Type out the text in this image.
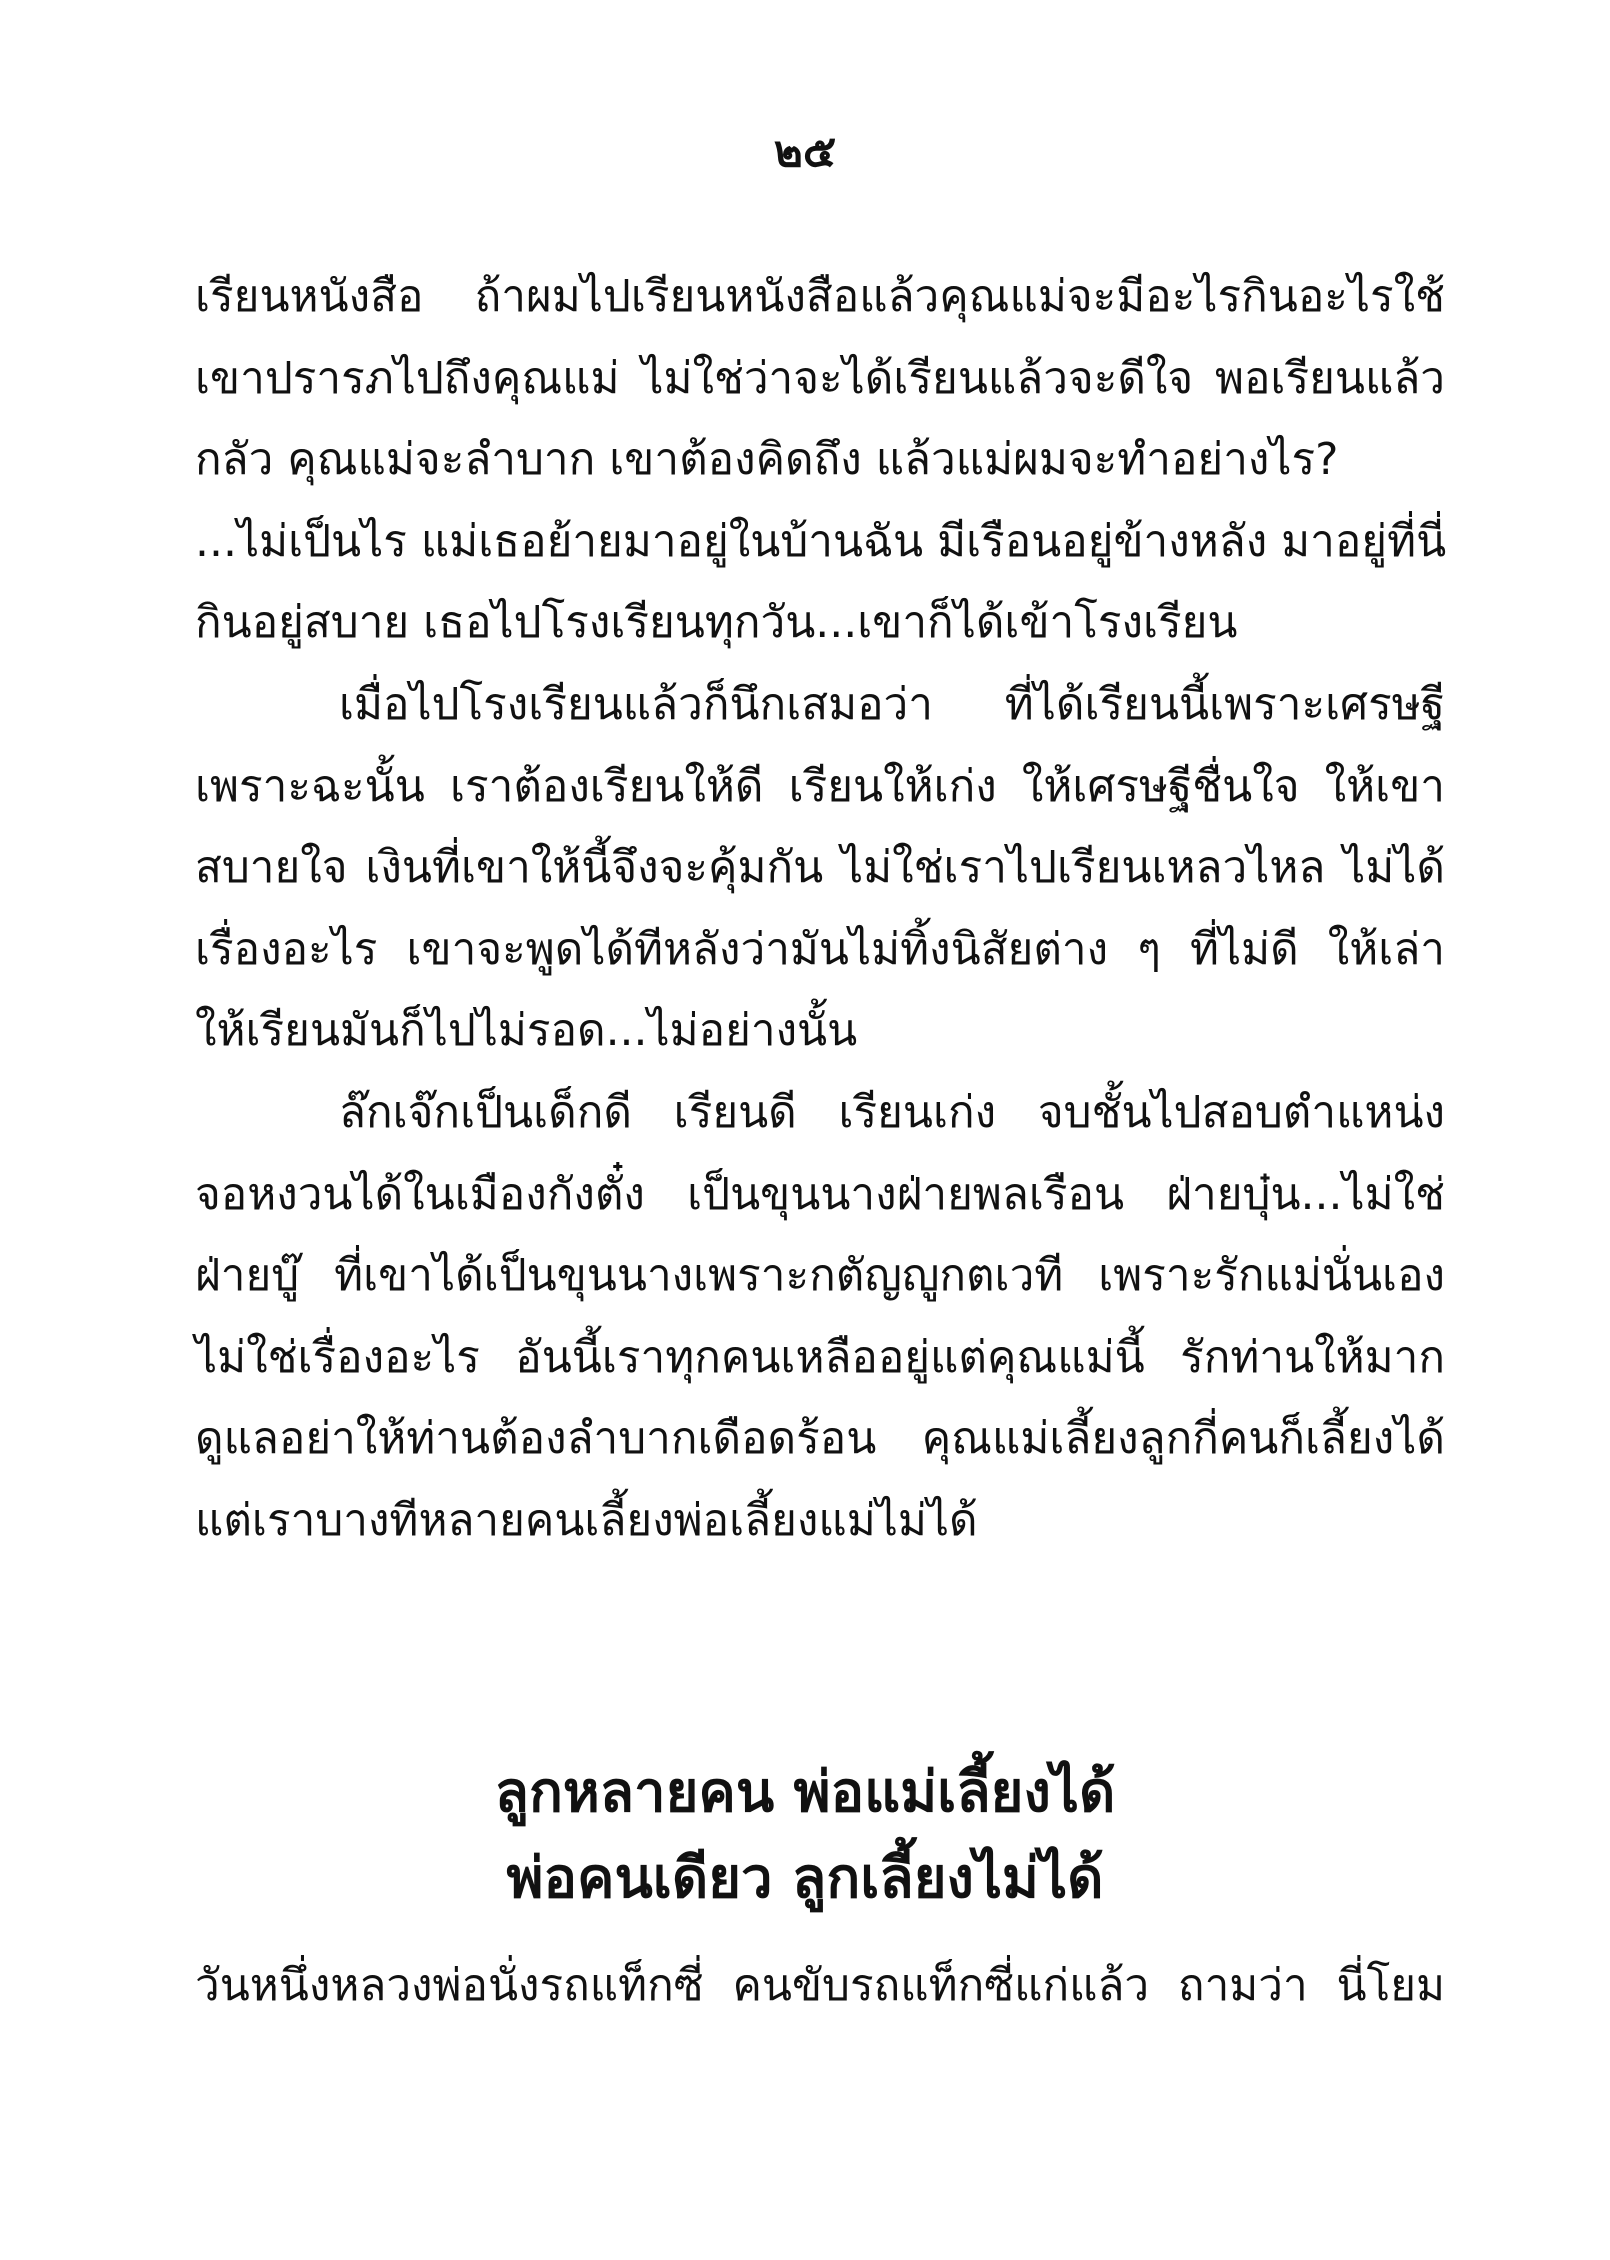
๒๕
เรียนหนังสือ ถ้าผมไปเรียนหนังสือแล้วคุณแม่จะมีอะไรกินอะไรใช้
เขาปรารภไปถึงคุณแม่ ไม่ใช่ว่าจะได้เรียนแล้วจะดีใจ พอเรียนแล้ว
กลัว คุณแม่จะลำบาก เขาต้องคิดถึง แล้วแม่ผมจะทำอย่างไร?
...ไม่เป็นไร แม่เธอย้ายมาอยู่ในบ้านฉัน มีเรือนอยู่ข้างหลัง มาอยู่ที่นี่
กินอยู่สบาย เธอไปโรงเรียนทุกวัน...เขาก็ได้เข้าโรงเรียน
เมื่อไปโรงเรียนแล้วก็นึกเสมอว่า ที่ได้เรียนนี้เพราะเศรษฐี
เพราะฉะนั้น เราต้องเรียนให้ดี เรียนให้เก่ง ให้เศรษฐีชื่นใจ ให้เขา
สบายใจ เงินที่เขาให้นี้จึงจะคุ้มกัน ไม่ใช่เราไปเรียนเหลวไหล ไม่ได้
เรื่องอะไร เขาจะพูดได้ทีหลังว่ามันไม่ทิ้งนิสัยต่าง ๆ ที่ไม่ดี ให้เล่า
ให้เรียนมันก็ไปไม่รอด...ไม่อย่างนั้น
ล๊กเจ๊กเป็นเด็กดี เรียนดี เรียนเก่ง จบชั้นไปสอบตำแหน่ง
จอหงวนได้ในเมืองกังตั๋ง เป็นขุนนางฝ่ายพลเรือน ฝ่ายบุ๋น...ไม่ใช่
ฝ่ายบู๊ ที่เขาได้เป็นขุนนางเพราะกตัญญูกตเวที เพราะรักแม่นั่นเอง
ไม่ใช่เรื่องอะไร อันนี้เราทุกคนเหลืออยู่แต่คุณแม่นี้ รักท่านให้มาก
ดูแลอย่าให้ท่านต้องลำบากเดือดร้อน คุณแม่เลี้ยงลูกกี่คนก็เลี้ยงได้
แต่เราบางทีหลายคนเลี้ยงพ่อเลี้ยงแม่ไม่ได้
ลูกหลายคน พ่อแม่เลี้ยงได้
พ่อคนเดียว ลูกเลี้ยงไม่ได้
วันหนึ่งหลวงพ่อนั่งรถแท็กซี่ คนขับรถแท็กซี่แก่แล้ว ถามว่า นี่โยม
